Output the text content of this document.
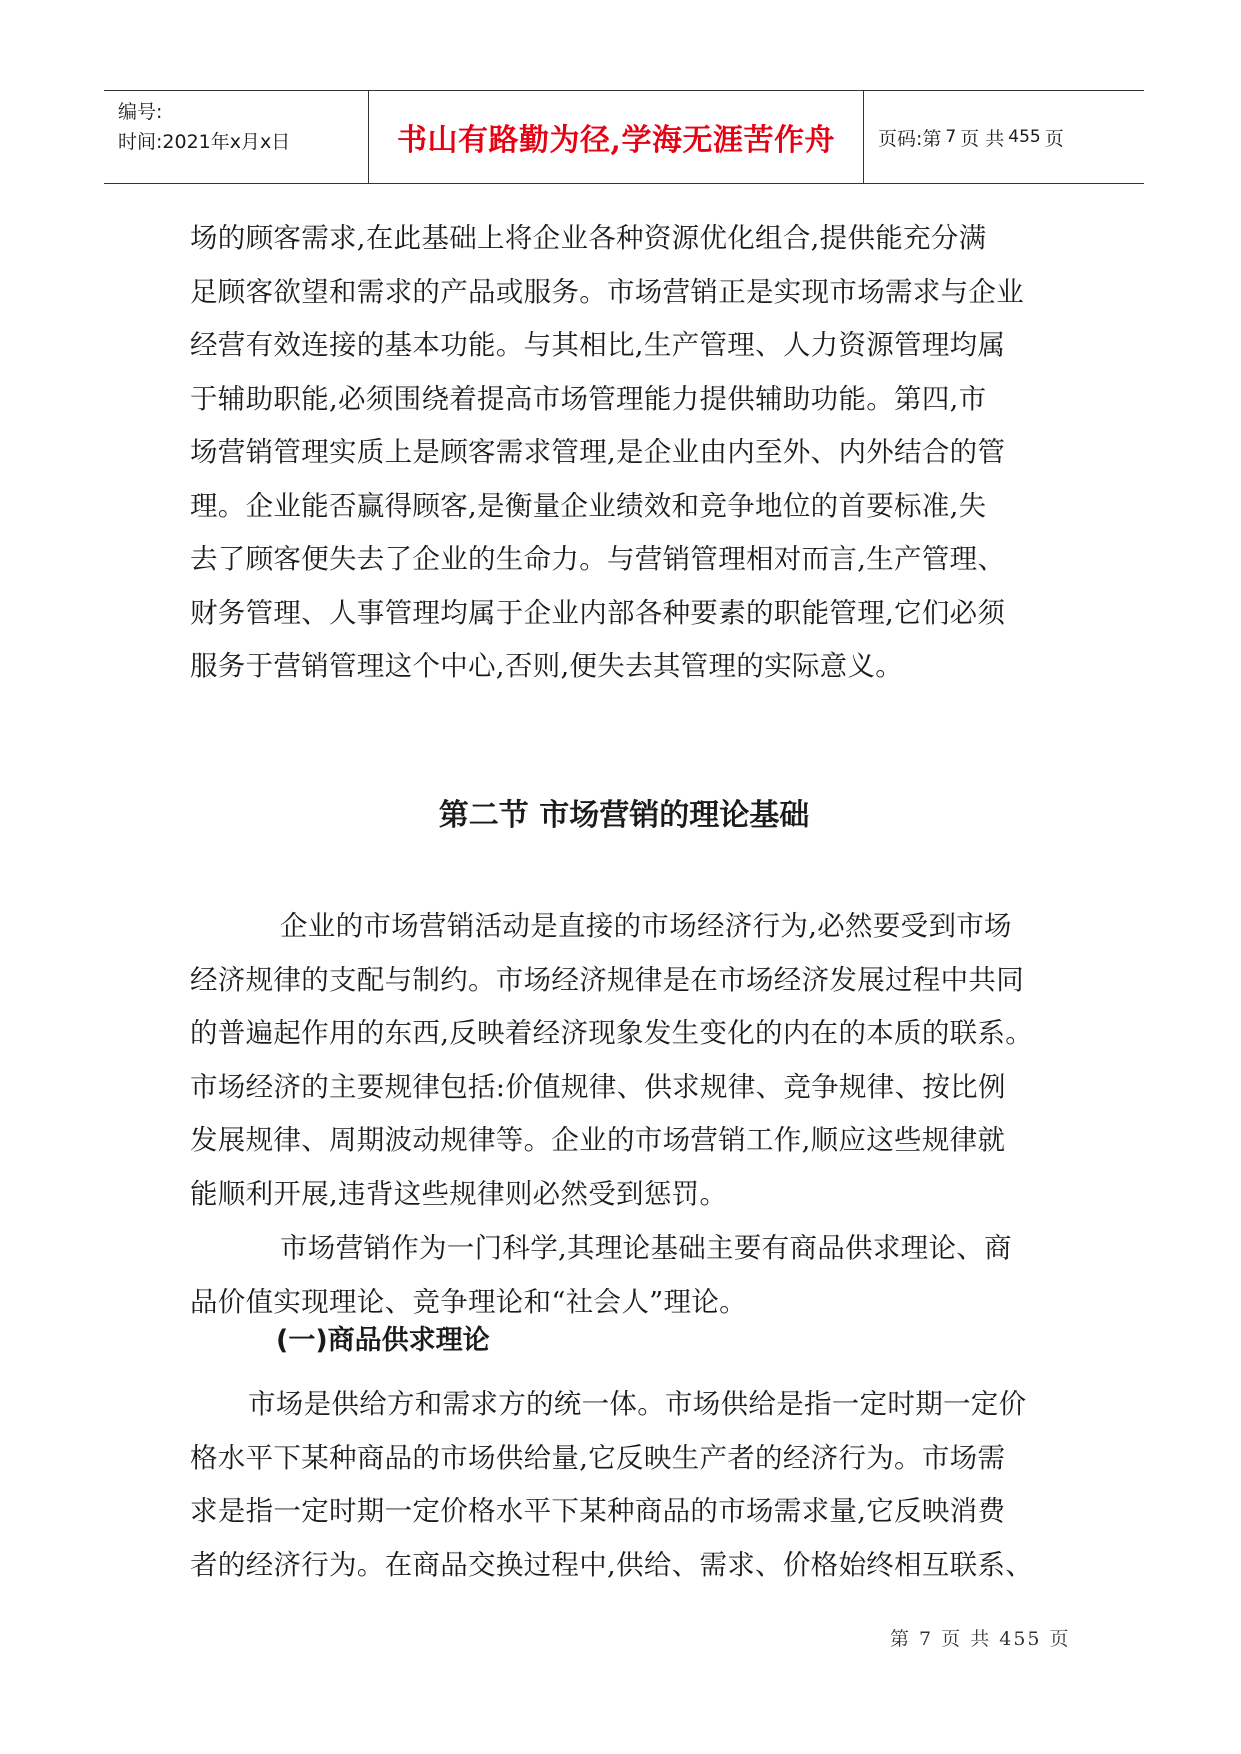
编号:
时间:2021年x月x日	书山有路勤为径,学海无涯苦作舟	页码:第 7 页 共 455 页
场的顾客需求,在此基础上将企业各种资源优化组合,提供能充分满
足顾客欲望和需求的产品或服务。市场营销正是实现市场需求与企业
经营有效连接的基本功能。与其相比,生产管理、人力资源管理均属
于辅助职能,必须围绕着提高市场管理能力提供辅助功能。第四,市
场营销管理实质上是顾客需求管理,是企业由内至外、内外结合的管
理。企业能否赢得顾客,是衡量企业绩效和竞争地位的首要标准,失
去了顾客便失去了企业的生命力。与营销管理相对而言,生产管理、
财务管理、人事管理均属于企业内部各种要素的职能管理,它们必须
服务于营销管理这个中心,否则,便失去其管理的实际意义。
第二节 市场营销的理论基础
企业的市场营销活动是直接的市场经济行为,必然要受到市场
经济规律的支配与制约。市场经济规律是在市场经济发展过程中共同
的普遍起作用的东西,反映着经济现象发生变化的内在的本质的联系。
市场经济的主要规律包括:价值规律、供求规律、竞争规律、按比例
发展规律、周期波动规律等。企业的市场营销工作,顺应这些规律就
能顺利开展,违背这些规律则必然受到惩罚。
市场营销作为一门科学,其理论基础主要有商品供求理论、商
品价值实现理论、竞争理论和“社会人”理论。
(一)商品供求理论
市场是供给方和需求方的统一体。市场供给是指一定时期一定价
格水平下某种商品的市场供给量,它反映生产者的经济行为。市场需
求是指一定时期一定价格水平下某种商品的市场需求量,它反映消费
者的经济行为。在商品交换过程中,供给、需求、价格始终相互联系、
第 7 页 共 455 页
